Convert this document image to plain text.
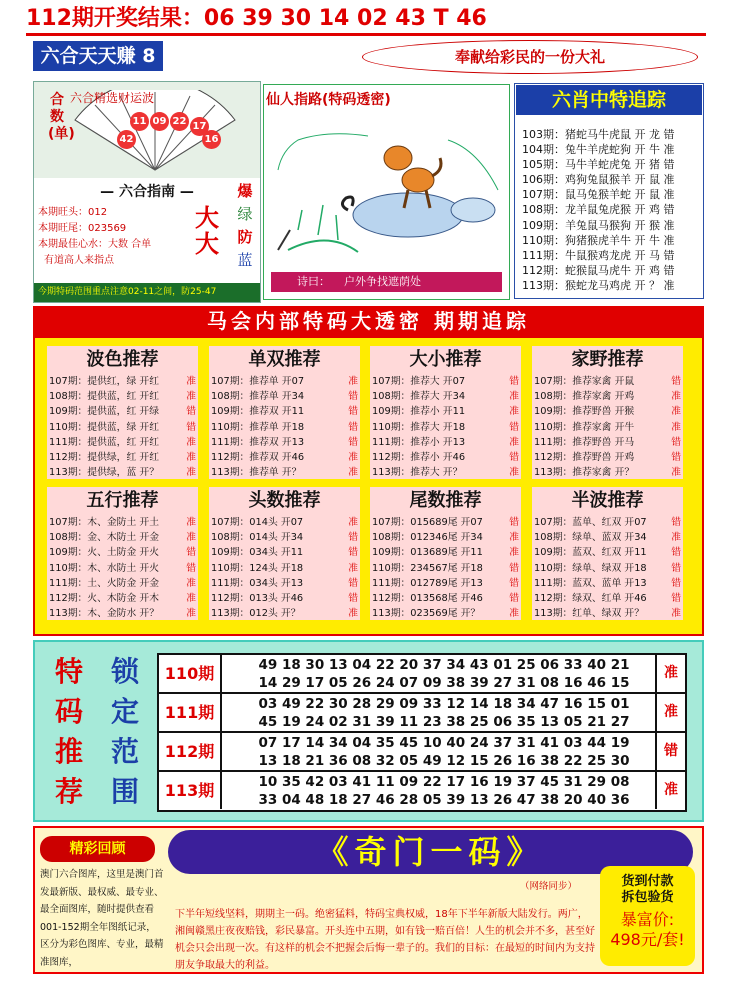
112期开奖结果：06 39 30 14 02 43 T 46
六合天天赚 8	奉献给彩民的一份大礼
六合精选财运波
合数(单)
11 09 22 17
42	16
— 六合指南 —
本期旺头：012
本期旺尾：023569
本期最佳心水：大数 合单
有道高人来指点
大
大
爆
绿
防
蓝
今期特码范围重点注意02-11之间，防25-47
仙人指路(特码透密)
诗曰： 户外争找遮荫处
六肖中特追踪
103期：猪蛇马牛虎鼠 开 龙 错
104期：兔牛羊虎蛇狗 开 牛 准
105期：马牛羊蛇虎兔 开 猪 错
106期：鸡狗兔鼠猴羊 开 鼠 准
107期：鼠马兔猴羊蛇 开 鼠 准
108期：龙羊鼠兔虎猴 开 鸡 错
109期：羊兔鼠马猴狗 开 猴 准
110期：狗猪猴虎羊牛 开 牛 准
111期：牛鼠猴鸡龙虎 开 马 错
112期：蛇猴鼠马虎牛 开 鸡 错
113期：猴蛇龙马鸡虎 开 ？ 准
马会内部特码大透密 期期追踪
波色推荐
107期：提供红，绿 开红	准
108期：提供蓝，红 开红	准
109期：提供蓝，红 开绿	错
110期：提供蓝，绿 开红	错
111期：提供蓝，红 开红	准
112期：提供绿，红 开红	准
113期：提供绿，蓝 开？	准
单双推荐
107期：推荐单 开07	准
108期：推荐单 开34	错
109期：推荐双 开11	错
110期：推荐单 开18	错
111期：推荐双 开13	错
112期：推荐双 开46	准
113期：推荐单 开？	准
大小推荐
107期：推荐大 开07	错
108期：推荐大 开34	准
109期：推荐小 开11	准
110期：推荐大 开18	错
111期：推荐小 开13	准
112期：推荐小 开46	错
113期：推荐大 开？	准
家野推荐
107期：推荐家禽 开鼠	错
108期：推荐家禽 开鸡	准
109期：推荐野兽 开猴	准
110期：推荐家禽 开牛	准
111期：推荐野兽 开马	错
112期：推荐野兽 开鸡	错
113期：推荐家禽 开？	准
五行推荐
107期：木、金防土 开土	准
108期：金、木防土 开金	准
109期：火、土防金 开火	错
110期：木、水防土 开火	错
111期：土、火防金 开金	准
112期：火、木防金 开木	准
113期：木、金防水 开？	准
头数推荐
107期：014头 开07	准
108期：014头 开34	错
109期：034头 开11	错
110期：124头 开18	准
111期：034头 开13	错
112期：013头 开46	错
113期：012头 开？	准
尾数推荐
107期：015689尾 开07	错
108期：012346尾 开34	准
109期：013689尾 开11	准
110期：234567尾 开18	错
111期：012789尾 开13	错
112期：013568尾 开46	错
113期：023569尾 开？	准
半波推荐
107期：蓝单、红双 开07	错
108期：绿单、蓝双 开34	准
109期：蓝双、红双 开11	错
110期：绿单、绿双 开18	错
111期：蓝双、蓝单 开13	错
112期：绿双、红单 开46	错
113期：红单、绿双 开？	准
特 锁
码 定
推 范
荐 围
110期	49 18 30 13 04 22 20 37 34 43 01 25 06 33 40 21
14 29 17 05 26 24 07 09 38 39 27 31 08 16 46 15
准
111期	03 49 22 30 28 29 09 33 12 14 18 34 47 16 15 01
45 19 24 02 31 39 11 23 38 25 06 35 13 05 21 27
准
112期	07 17 14 34 04 35 45 10 40 24 37 31 41 03 44 19
13 18 21 36 08 32 05 49 12 15 26 16 38 22 25 30
错
113期	10 35 42 03 41 11 09 22 17 16 19 37 45 31 29 08
33 04 48 18 27 46 28 05 39 13 26 47 38 20 40 36
准
精彩回顾
澳门六合图库，这里是澳门首发最新版、最权威、最专业、最全面图库，随时提供查看001-152期全年图纸记录，区分为彩色图库、专业，最精准图库，
《奇门一码》
（网络同步）
下半年短线坚料，期期主一码。绝密猛料，特码宝典权威，18年下半年新版大陆发行。两广，湘闽赣黑庄夜夜赔钱，彩民暴富。开头连中五期，如有钱一赔百倍！人生的机会并不多，甚至好机会只会出现一次。有这样的机会不把握会后悔一辈子的。我们的目标：在最短的时间内为支持朋友争取最大的利益。
货到付款
拆包验货
暴富价:
498元/套!
